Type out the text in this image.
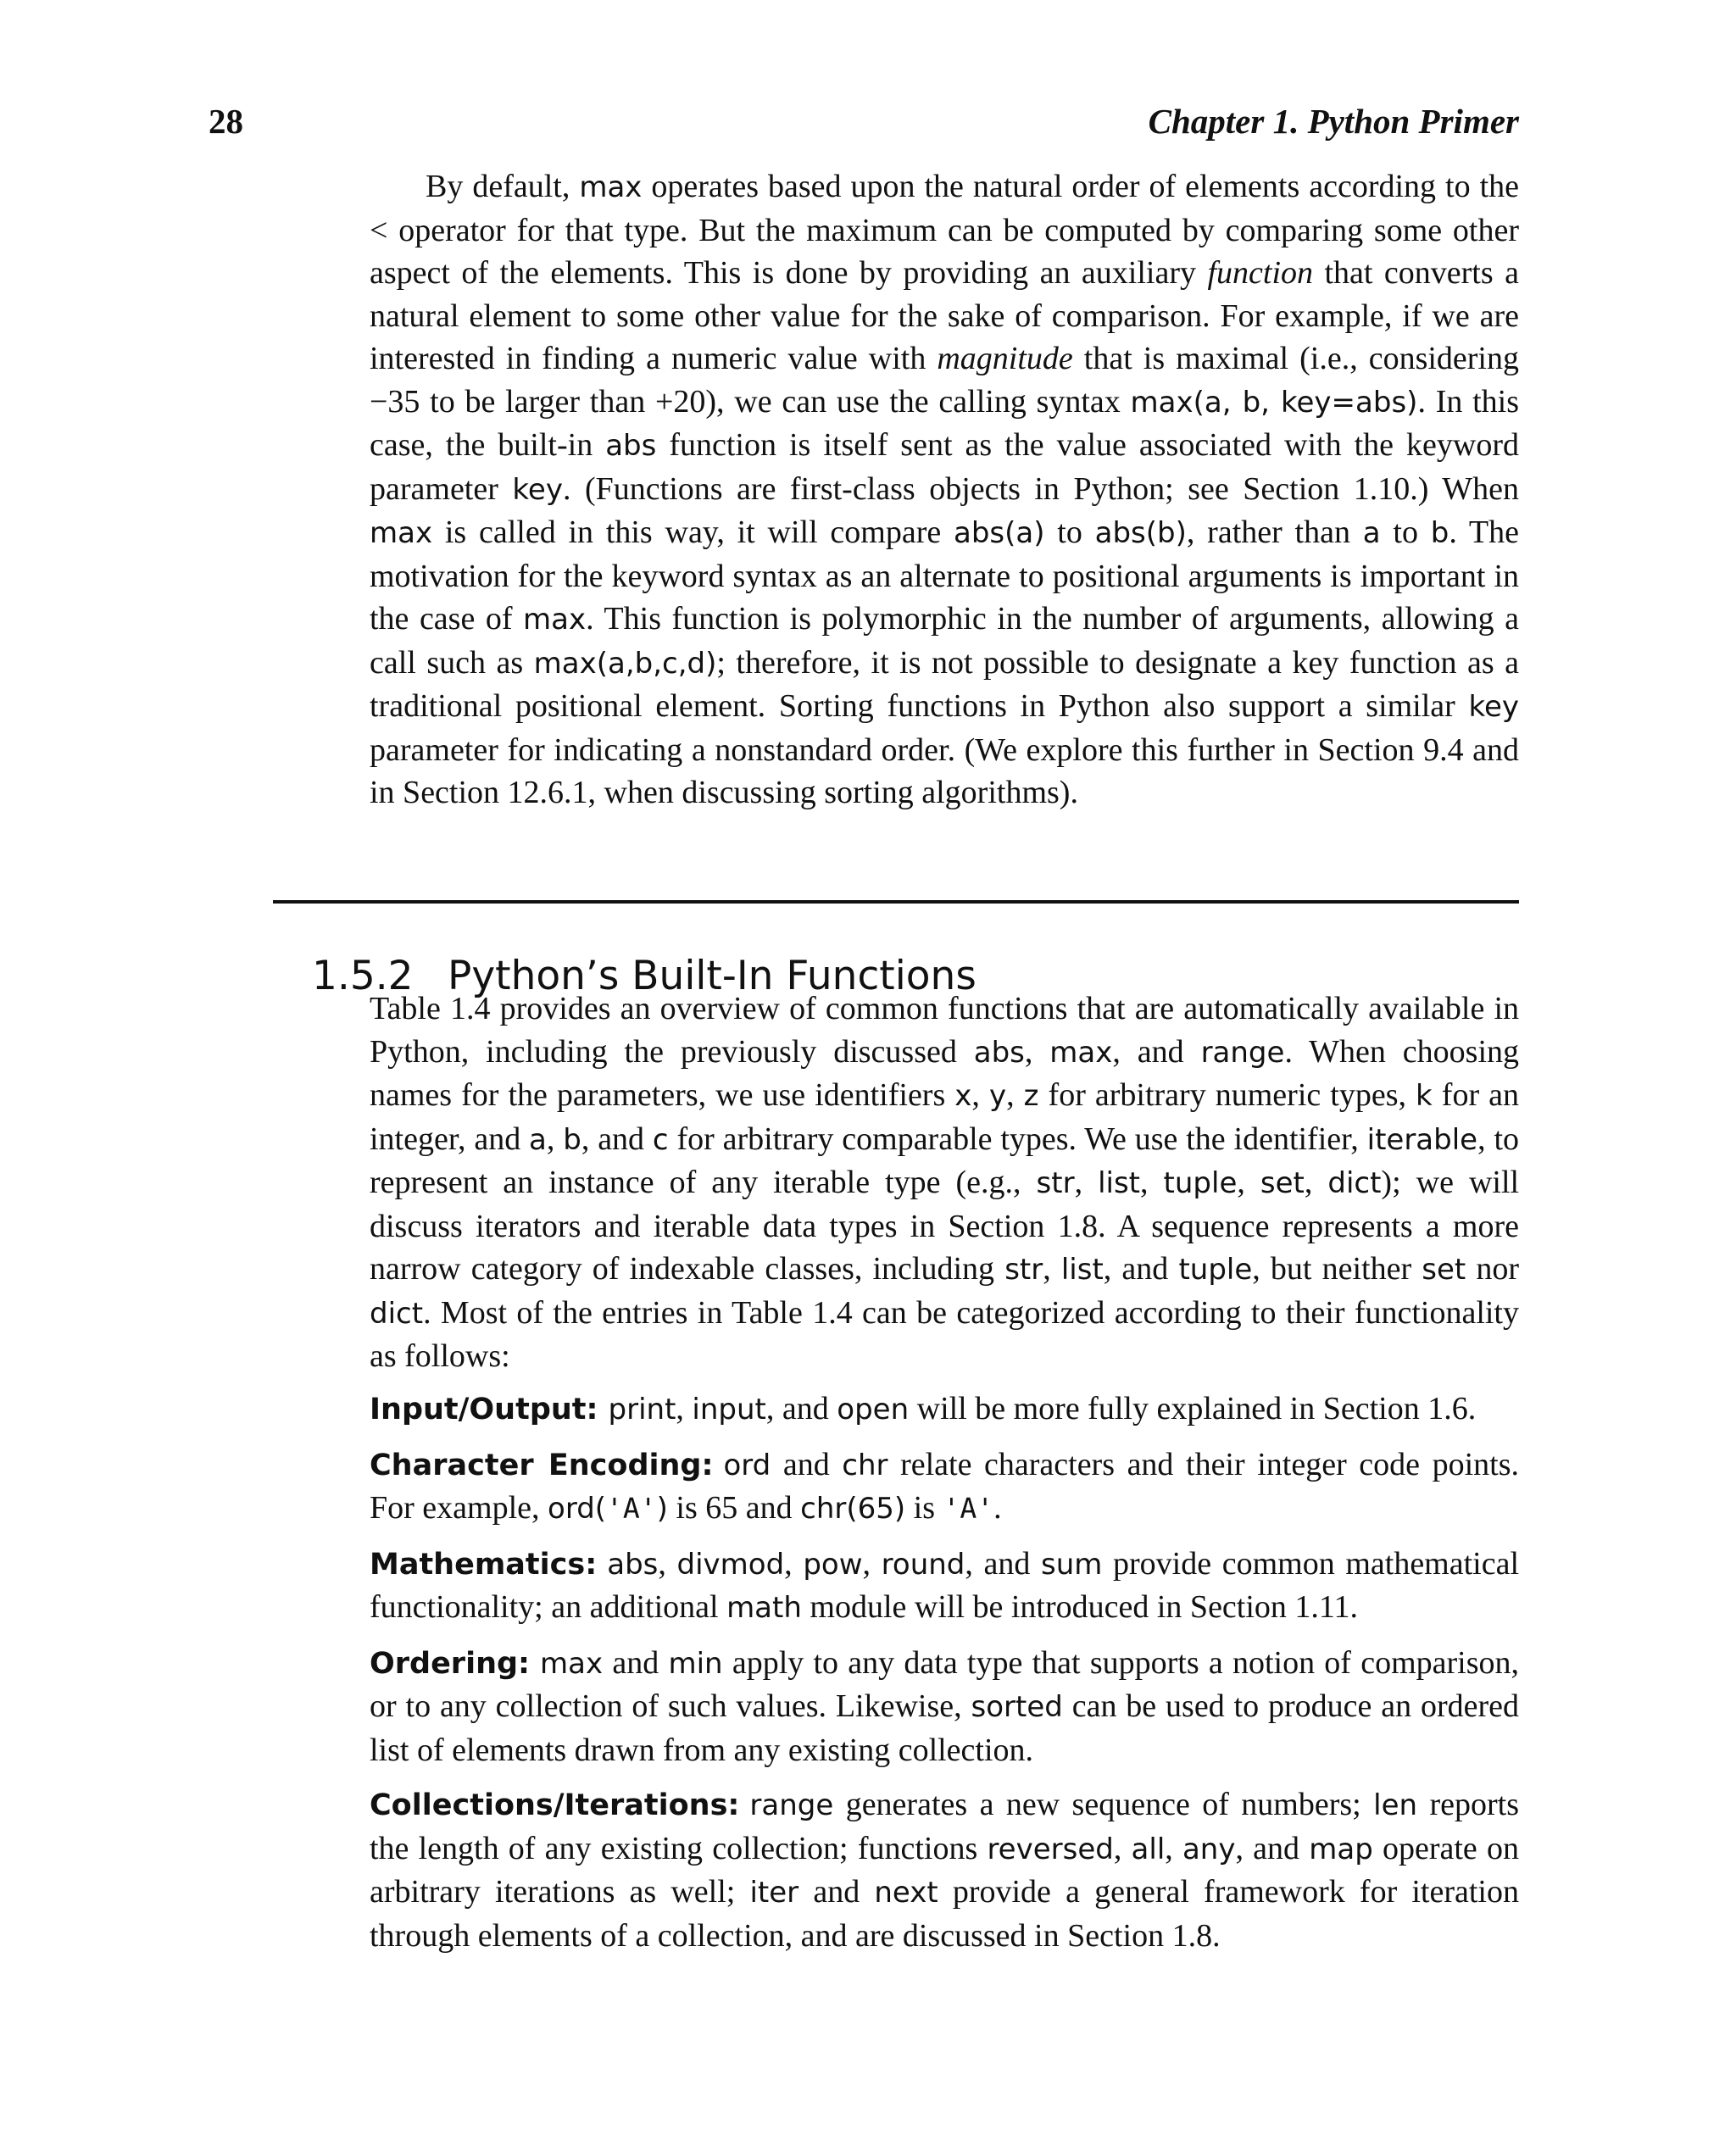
28	Chapter 1. Python Primer

By default, max operates based upon the natural order of elements according to the < operator for that type. But the maximum can be computed by comparing some other aspect of the elements. This is done by providing an auxiliary function that converts a natural element to some other value for the sake of comparison. For example, if we are interested in finding a numeric value with magnitude that is maximal (i.e., considering −35 to be larger than +20), we can use the calling syntax max(a, b, key=abs). In this case, the built-in abs function is itself sent as the value associated with the keyword parameter key. (Functions are first-class objects in Python; see Section 1.10.) When max is called in this way, it will compare abs(a) to abs(b), rather than a to b. The motivation for the keyword syntax as an alternate to positional arguments is important in the case of max. This function is polymorphic in the number of arguments, allowing a call such as max(a,b,c,d); therefore, it is not possible to designate a key function as a traditional positional element. Sorting functions in Python also support a similar key parameter for indicating a nonstandard order. (We explore this further in Section 9.4 and in Section 12.6.1, when discussing sorting algorithms).

1.5.2 Python’s Built-In Functions

Table 1.4 provides an overview of common functions that are automatically available in Python, including the previously discussed abs, max, and range. When choosing names for the parameters, we use identifiers x, y, z for arbitrary numeric types, k for an integer, and a, b, and c for arbitrary comparable types. We use the identifier, iterable, to represent an instance of any iterable type (e.g., str, list, tuple, set, dict); we will discuss iterators and iterable data types in Section 1.8. A sequence represents a more narrow category of indexable classes, including str, list, and tuple, but neither set nor dict. Most of the entries in Table 1.4 can be categorized according to their functionality as follows:

Input/Output: print, input, and open will be more fully explained in Section 1.6.

Character Encoding: ord and chr relate characters and their integer code points. For example, ord('A') is 65 and chr(65) is 'A'.

Mathematics: abs, divmod, pow, round, and sum provide common mathematical functionality; an additional math module will be introduced in Section 1.11.

Ordering: max and min apply to any data type that supports a notion of comparison, or to any collection of such values. Likewise, sorted can be used to produce an ordered list of elements drawn from any existing collection.

Collections/Iterations: range generates a new sequence of numbers; len reports the length of any existing collection; functions reversed, all, any, and map operate on arbitrary iterations as well; iter and next provide a general framework for iteration through elements of a collection, and are discussed in Section 1.8.
